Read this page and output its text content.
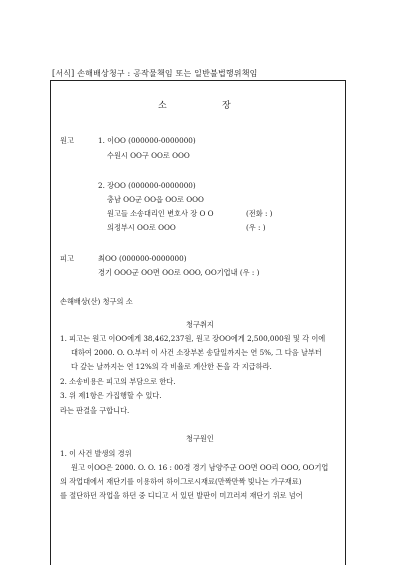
[서식] 손해배상청구 : 공작물책임 또는 일반불법행위책임
소	장
원고	1. 이OO (000000-0000000)
수원시 OO구 OO로 OOO
2. 장OO (000000-0000000)
충남 OO군 OO읍 OO로 OOO
원고들 소송대리인 변호사 장 O O	(전화 : )
의정부시 OO로 OOO	(우 : )
피고	최OO (000000-0000000)
경기 OOO군 OO면 OO로 OOO, OO기업내 (우 : )
손해배상(산) 청구의 소
청구취지
1. 피고는 원고 이OO에게 38,462,237원, 원고 장OO에게 2,500,000원 및 각 이에
대하여 2000. O. O.부터 이 사건 소장부본 송달일까지는 연 5%, 그 다음 날부터
다 갚는 날까지는 연 12%의 각 비율로 계산한 돈을 각 지급하라.
2. 소송비용은 피고의 부담으로 한다.
3. 위 제1항은 가집행할 수 있다.
라는 판결을 구합니다.
청구원인
1. 이 사건 발생의 경위
원고 이OO은 2000. O. O. 16 : 00경 경기 남양주군 OO면 OO리 OOO, OO기업
의 작업대에서 재단기를 이용하여 하이그로시재료(만짝만짝 빛나는 가구재료)
를 절단하던 작업을 하던 중 디디고 서 있던 발판이 미끄러져 재단기 위로 넘어
